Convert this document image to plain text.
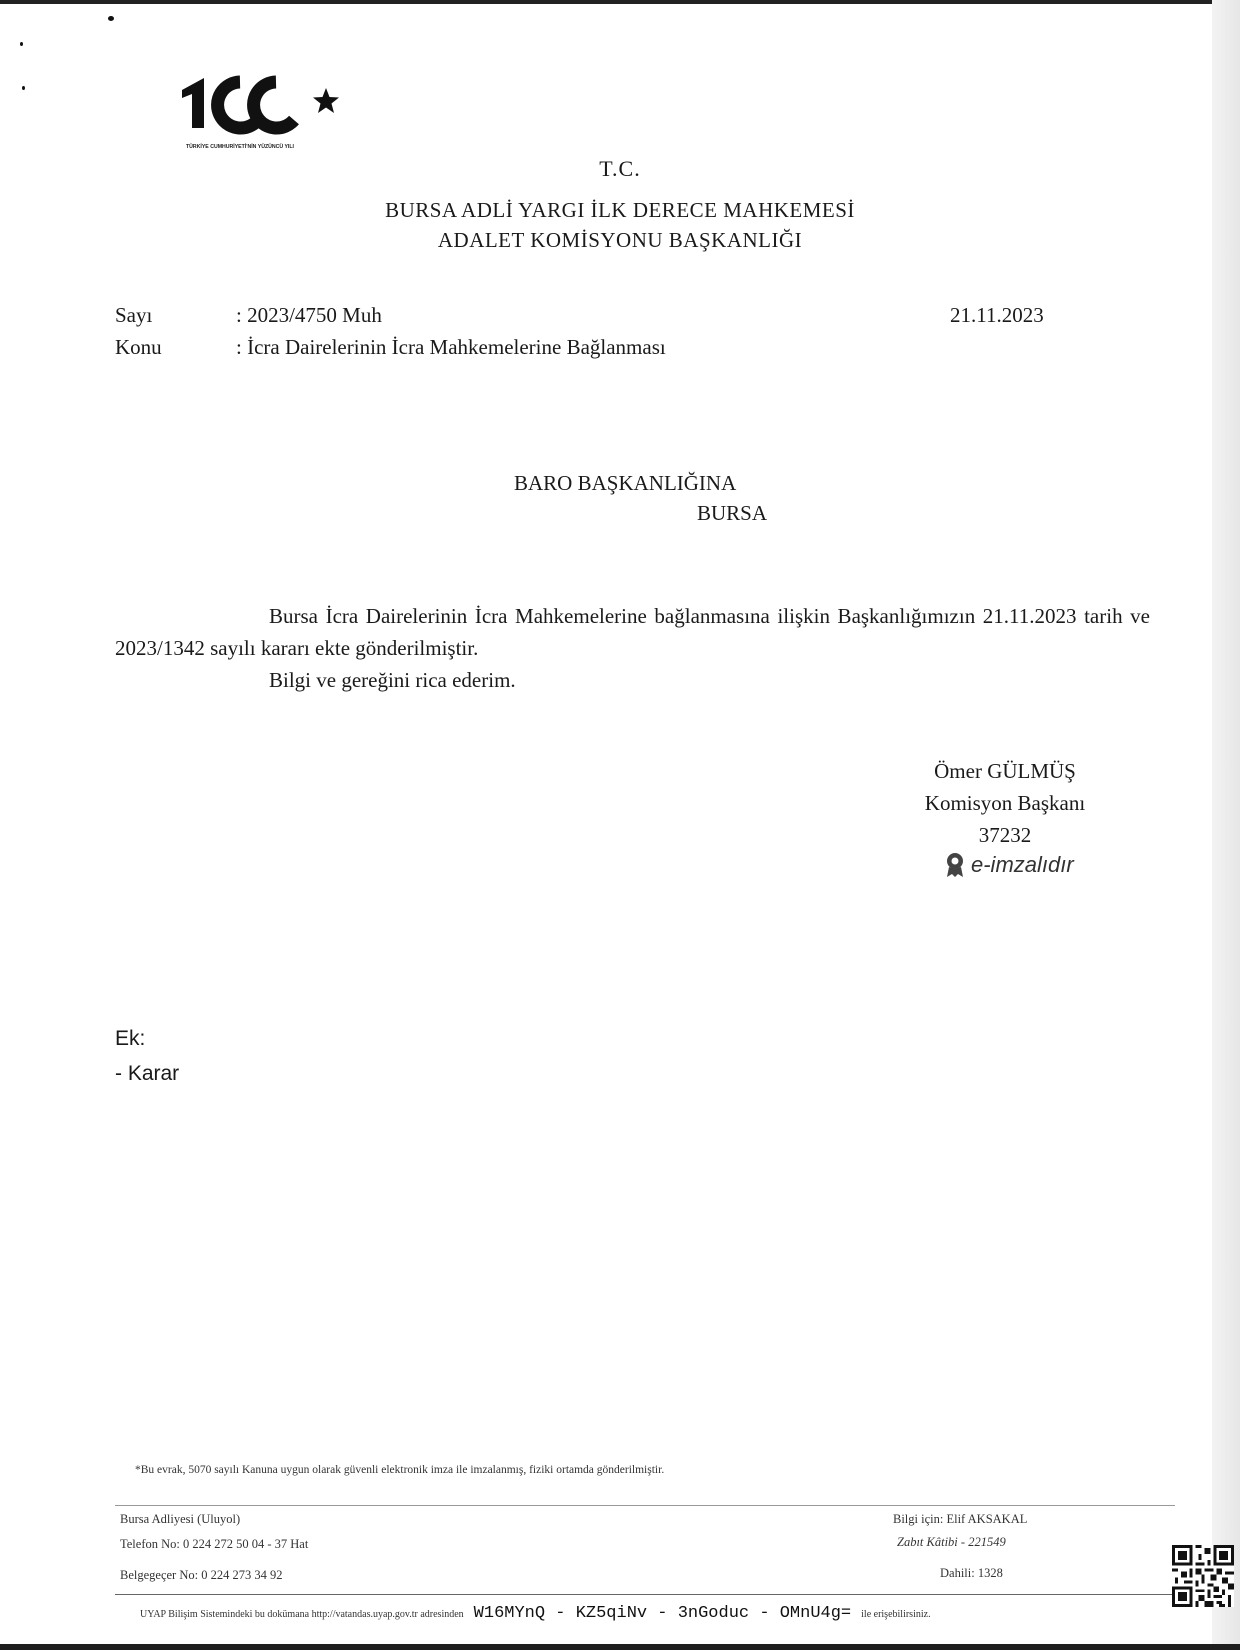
TÜRKİYE CUMHURİYETİ'NİN YÜZÜNCÜ YILI
T.C.
BURSA ADLİ YARGI İLK DERECE MAHKEMESİ
ADALET KOMİSYONU BAŞKANLIĞI
Sayı	: 2023/4750 Muh
Konu	: İcra Dairelerinin İcra Mahkemelerine Bağlanması
21.11.2023
BARO BAŞKANLIĞINA
BURSA
Bursa İcra Dairelerinin İcra Mahkemelerine bağlanmasına ilişkin Başkanlığımızın 21.11.2023 tarih ve 2023/1342 sayılı kararı ekte gönderilmiştir.
Bilgi ve gereğini rica ederim.
Ömer GÜLMÜŞ
Komisyon Başkanı
37232
e-imzalıdır
Ek:
- Karar
*Bu evrak, 5070 sayılı Kanuna uygun olarak güvenli elektronik imza ile imzalanmış, fiziki ortamda gönderilmiştir.
Bursa Adliyesi (Uluyol)
Telefon No: 0 224 272 50 04 - 37 Hat
Belgegeçer No: 0 224 273 34 92
Bilgi için: Elif AKSAKAL
Zabıt Kâtibi - 221549
Dahili: 1328
UYAP Bilişim Sistemindeki bu dokümana http://vatandas.uyap.gov.tr adresinden W16MYnQ - KZ5qiNv - 3nGoduc - OMnU4g= ile erişebilirsiniz.
